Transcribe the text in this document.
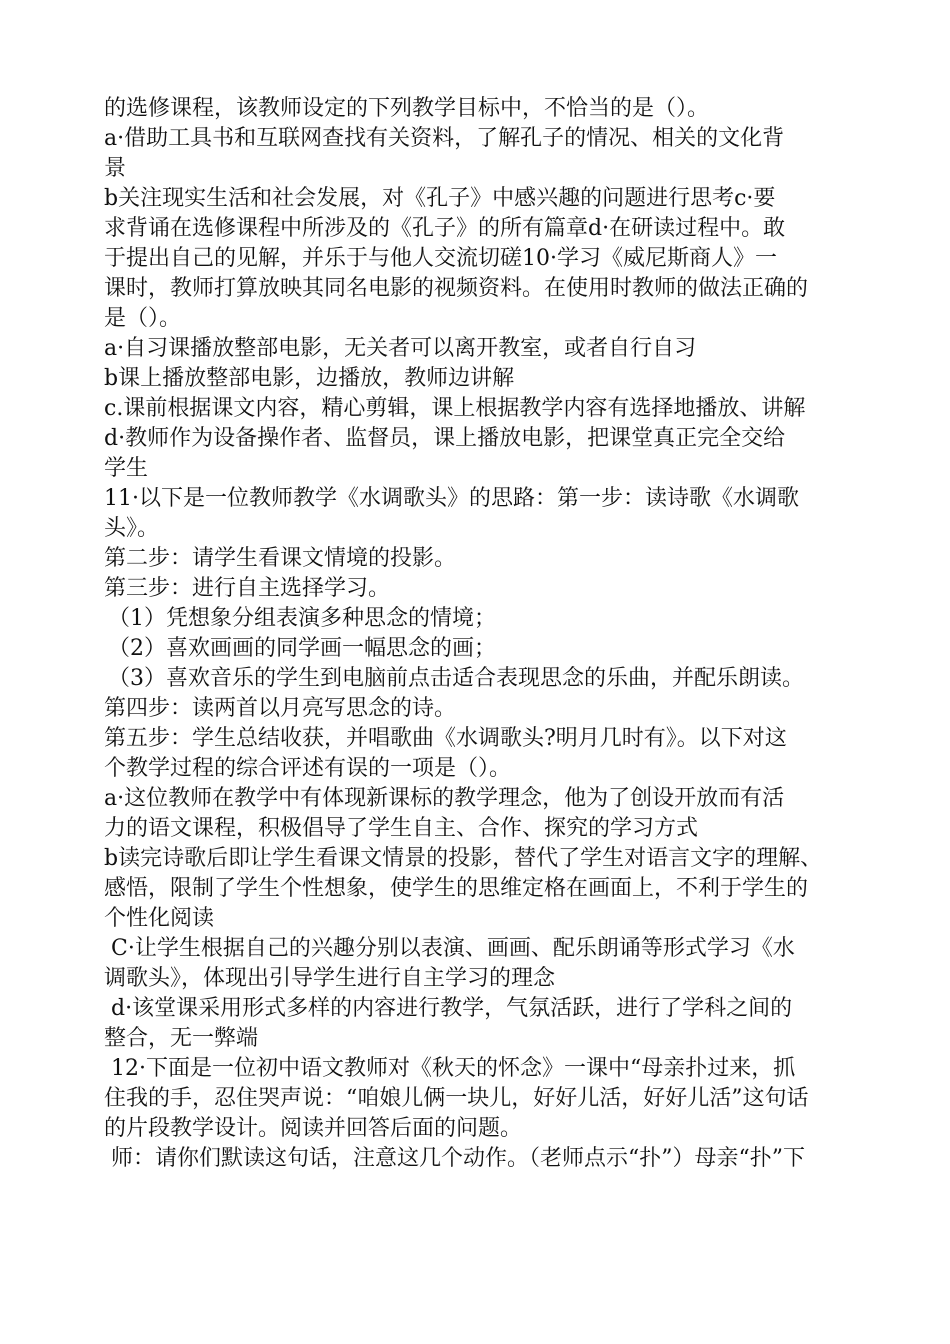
的选修课程，该教师设定的下列教学目标中，不恰当的是（）。
a·借助工具书和互联网查找有关资料，了解孔子的情况、相关的文化背
景
b关注现实生活和社会发展，对《孔子》中感兴趣的问题进行思考c·要
求背诵在选修课程中所涉及的《孔子》的所有篇章d·在研读过程中。敢
于提出自己的见解，并乐于与他人交流切磋10·学习《威尼斯商人》一
课时，教师打算放映其同名电影的视频资料。在使用时教师的做法正确的
是（）。
a·自习课播放整部电影，无关者可以离开教室，或者自行自习
b课上播放整部电影，边播放，教师边讲解
c.课前根据课文内容，精心剪辑，课上根据教学内容有选择地播放、讲解
d·教师作为设备操作者、监督员，课上播放电影，把课堂真正完全交给
学生
11·以下是一位教师教学《水调歌头》的思路：第一步：读诗歌《水调歌
头》。
第二步：请学生看课文情境的投影。
第三步：进行自主选择学习。
（1）凭想象分组表演多种思念的情境；
（2）喜欢画画的同学画一幅思念的画；
（3）喜欢音乐的学生到电脑前点击适合表现思念的乐曲，并配乐朗读。
第四步：读两首以月亮写思念的诗。
第五步：学生总结收获，并唱歌曲《水调歌头?明月几时有》。以下对这
个教学过程的综合评述有误的一项是（）。
a·这位教师在教学中有体现新课标的教学理念，他为了创设开放而有活
力的语文课程，积极倡导了学生自主、合作、探究的学习方式
b读完诗歌后即让学生看课文情景的投影，替代了学生对语言文字的理解、
感悟，限制了学生个性想象，使学生的思维定格在画面上，不利于学生的
个性化阅读
C·让学生根据自己的兴趣分别以表演、画画、配乐朗诵等形式学习《水
调歌头》，体现出引导学生进行自主学习的理念
d·该堂课采用形式多样的内容进行教学，气氛活跃，进行了学科之间的
整合，无一弊端
12·下面是一位初中语文教师对《秋天的怀念》一课中“母亲扑过来，抓
住我的手，忍住哭声说：“咱娘儿俩一块儿，好好儿活，好好儿活”这句话
的片段教学设计。阅读并回答后面的问题。
师：请你们默读这句话，注意这几个动作。（老师点示“扑”）母亲“扑”下
